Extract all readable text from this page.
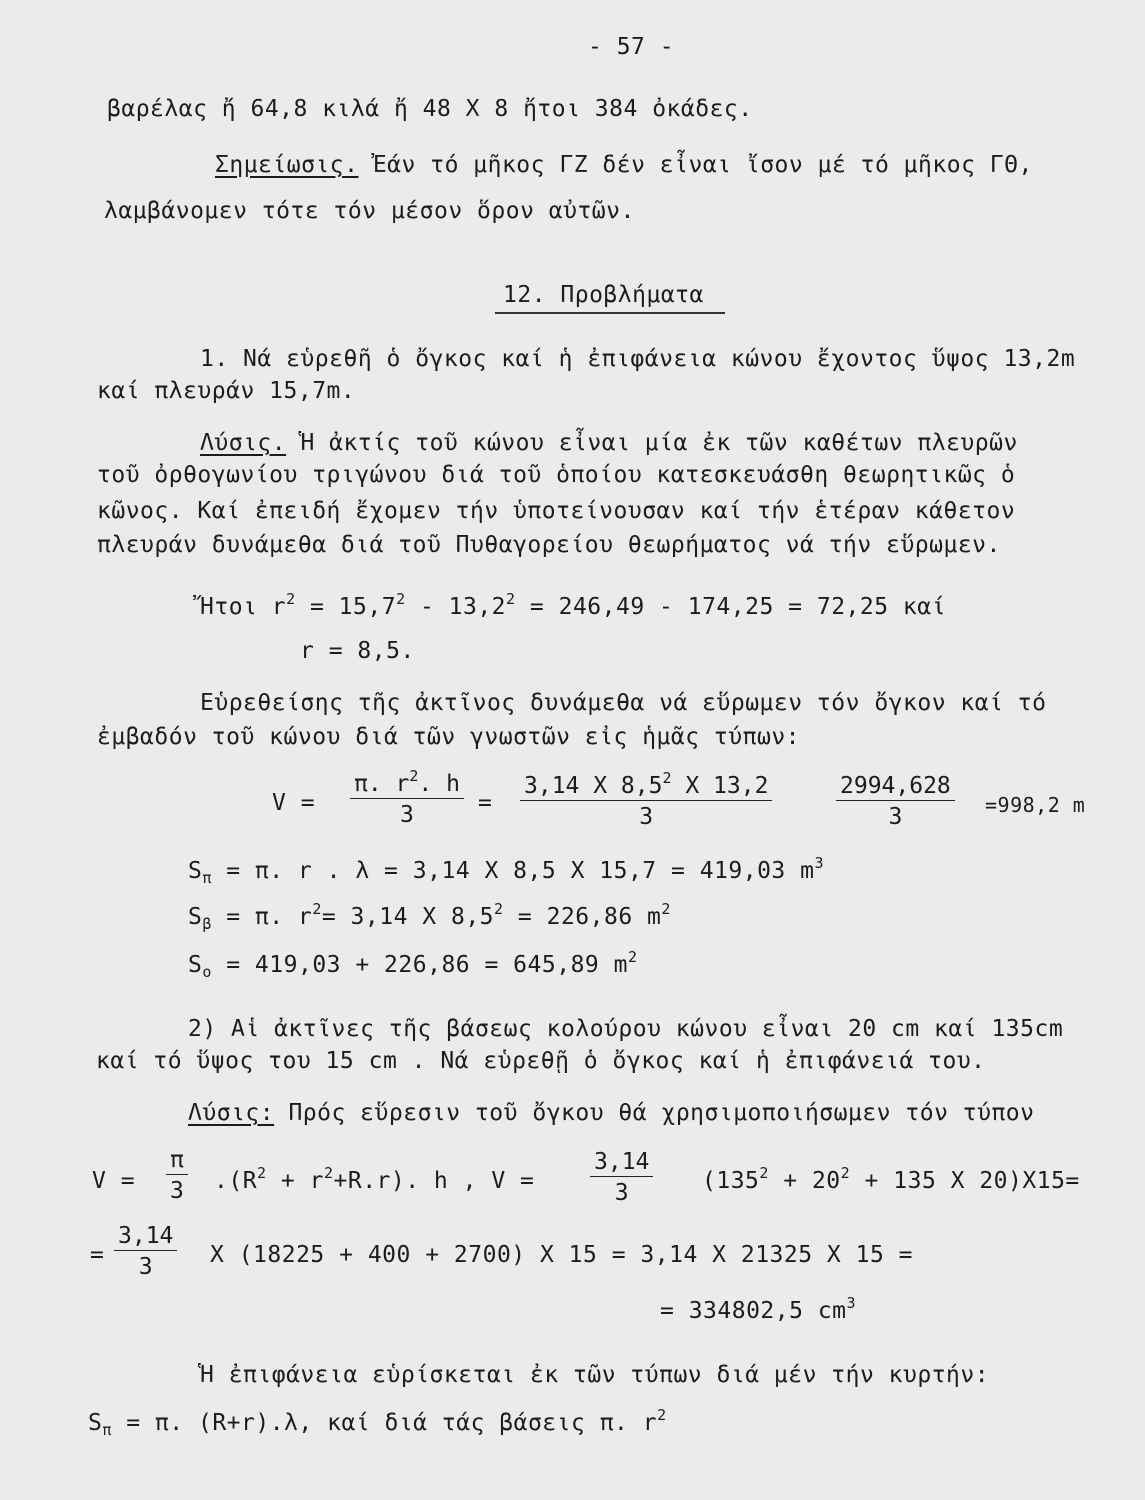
- 57 -
βαρέλας ἤ 64,8 κιλά ἤ 48 Χ 8 ἤτοι 384 ὀκάδες.
Σημείωσις. Ἐάν τό μῆκος ΓΖ δέν εἶναι ἴσον μέ τό μῆκος ΓΘ,
λαμβάνομεν τότε τόν μέσον ὅρον αὐτῶν.
12. Προβλήματα
1. Νά εὑρεθῆ ὁ ὄγκος καί ἡ ἐπιφάνεια κώνου ἔχοντος ὕψος 13,2m
καί πλευράν 15,7m.
Λύσις. Ἡ ἀκτίς τοῦ κώνου εἶναι μία ἐκ τῶν καθέτων πλευρῶν
τοῦ ὀρθογωνίου τριγώνου διά τοῦ ὁποίου κατεσκευάσθη θεωρητικῶς ὁ
κῶνος. Καί ἐπειδή ἔχομεν τήν ὑποτείνουσαν καί τήν ἑτέραν κάθετον
πλευράν δυνάμεθα διά τοῦ Πυθαγορείου θεωρήματος νά τήν εὕρωμεν.
Ἤτοι $r^2 = 15,7^2 - 13,2^2 = 246,49 - 174,25 = 72,25$ καί
r = 8,5.
Εὑρεθείσης τῆς ἀκτῖνος δυνάμεθα νά εὕρωμεν τόν ὄγκον καί τό
ἐμβαδόν τοῦ κώνου διά τῶν γνωστῶν εἰς ἡμᾶς τύπων:
$V = \frac{\pi. r^2. h}{3} = \frac{3,14 X 8,5^2 X 13,2}{3}$	$\frac{2994,628}{3} =998,2$ m
$S_\pi = \pi$. r . λ = 3,14 X 8,5 X 15,7 = 419,03 $m^3$
$S_\beta = \pi$. $r^2= 3,14$ X $8,5^2 = 226,86$ $m^2$
$S_o = 419,03 + 226,86 = 645,89$ $m^2$
2) Αἱ ἀκτῖνες τῆς βάσεως κολούρου κώνου εἶναι 20 cm καί 135cm
καί τό ὕψος του 15 cm . Νά εὑρεθῇ ὁ ὄγκος καί ἡ ἐπιφάνειά του.
Λύσις: Πρός εὕρεσιν τοῦ ὄγκου θά χρησιμοποιήσωμεν τόν τύπον
$V = \frac{\pi}{3} .(R^2 + r^2+R.r)$. h , $V = \frac{3,14}{3} (135^2 + 20^2 + 135$ X 20)X15=
= $\frac{3,14}{3}$ X (18225 + 400 + 2700) X 15 = 3,14 X 21325 X 15 =
= 334802,5 $cm^3$
Ἡ ἐπιφάνεια εὑρίσκεται ἐκ τῶν τύπων διά μέν τήν κυρτήν:
$S_\pi = \pi$. (R+r).λ, καί διά τάς βάσεις π. $r^2$
